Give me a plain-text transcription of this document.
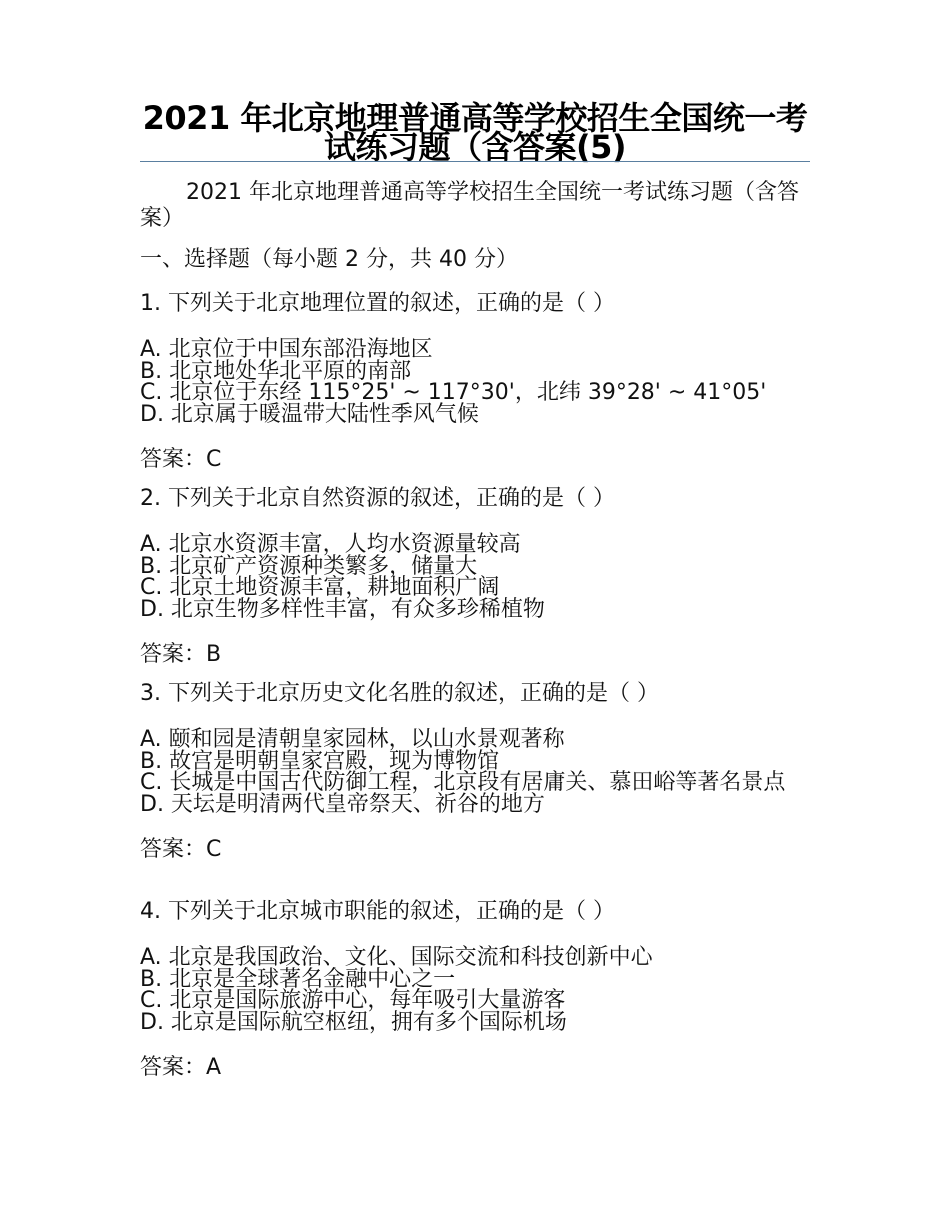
2021 年北京地理普通高等学校招生全国统一考试练习题（含答案(5)

2021 年北京地理普通高等学校招生全国统一考试练习题（含答案）

一、选择题（每小题 2 分，共 40 分）

1. 下列关于北京地理位置的叙述，正确的是（ ）

A. 北京位于中国东部沿海地区
B. 北京地处华北平原的南部
C. 北京位于东经 115°25' ~ 117°30'，北纬 39°28' ~ 41°05'
D. 北京属于暖温带大陆性季风气候

答案：C

2. 下列关于北京自然资源的叙述，正确的是（ ）

A. 北京水资源丰富，人均水资源量较高
B. 北京矿产资源种类繁多，储量大
C. 北京土地资源丰富，耕地面积广阔
D. 北京生物多样性丰富，有众多珍稀植物

答案：B

3. 下列关于北京历史文化名胜的叙述，正确的是（ ）

A. 颐和园是清朝皇家园林，以山水景观著称
B. 故宫是明朝皇家宫殿，现为博物馆
C. 长城是中国古代防御工程，北京段有居庸关、慕田峪等著名景点
D. 天坛是明清两代皇帝祭天、祈谷的地方

答案：C

4. 下列关于北京城市职能的叙述，正确的是（ ）

A. 北京是我国政治、文化、国际交流和科技创新中心
B. 北京是全球著名金融中心之一
C. 北京是国际旅游中心，每年吸引大量游客
D. 北京是国际航空枢纽，拥有多个国际机场

答案：A
